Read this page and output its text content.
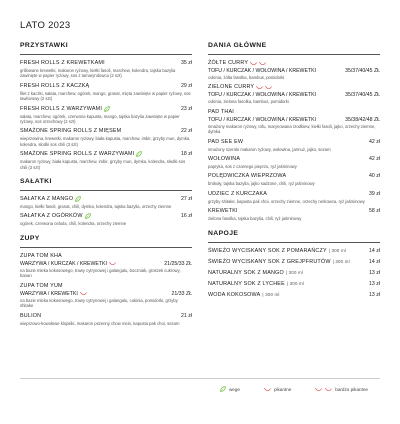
LATO 2023
PRZYSTAWKI
FRESH ROLLS Z KREWETKAMI	35 zł
grillowane krewetki, makaron ryżowy, kiełki fasoli, marchew, kolendra, tajska bazylia zawinięte w papier ryżowy, sos z tamaryndowca (2 szt)
FRESH ROLLS Z KACZKĄ	29 zł
filet z kaczki, sałata, marchew, ogórek, mango, granat, mięta zawinięte w papier ryżowy, sos tawlovowy (2 szt)
FRESH ROLLS Z WARZYWAMI	23 zł
sałata, marchew, ogórek, czerwona kapusta, mango, tajska bazylia zawinięte w papier ryżowy, sos orzechowy (2 szt)
SMAŻONE SPRING ROLLS Z MIĘSEM	22 zł
wieprzowina, krewetki, makaron ryżowy, biała kapusta, marchew, imbir, grzyby mun, dymka, kolendra, słodki sos chili (3 szt)
SMAŻONE SPRING ROLLS Z WARZYWAMI	18 zł
makaron ryżowy, biała kapusta, marchew, imbir, grzyby mun, dymka, kolendra, słodki sos chili (3 szt)
SAŁATKI
SAŁATKA Z MANGO	27 zł
mango, kiełki fasoli, granat, chili, dymka, kolendra, tajska bazylia, orzechy ziemne
SAŁATKA Z OGÓRKÓW	16 zł
ogórek, czerwona cebula, chili, kolendra, orzechy ziemne
ZUPY
ZUPA TOM KHA
WARZYWA / KURCZAK / KREWETKI	21/25/33 ZŁ
na bazie mleka kokosowego, trawy cytrynowej i galangalu, boczniak, groszek cukrowy, banan
ZUPA TOM YUM
WARZYWA / KREWETKI	21/33 ZŁ
na bazie mleka kokosowego, trawy cytrynowej i galangalu, cukinia, pomidorki, grzyby shitake
BULION	21 zł
wieprzowo-kowołowe klopsiki, makaron pszenny chow mein, kapusta pak choi, sezam
DANIA GŁÓWNE
ŻÓŁTE CURRY
TOFU / KURCZAK / WOŁOWINA / KREWETKI	35/37/40/45 ZŁ
cukinia, żółta fasolka, bambus, pomidorki
ZIELONE CURRY
TOFU / KURCZAK / WOŁOWINA / KREWETKI	35/37/40/45 ZŁ
cukinia, zielona fasolka, bambus, pomidorki
PAD THAI
TOFU / KURCZAK / WOŁOWINA / KREWETKI	35/38/42/48 ZŁ
smażony makaron ryżowy, tofu, marynowana rzodkiew, kiełki fasoli, jajko, orzechy ziemne, dymka
PAD SEE EW	42 zł
smażony szeroki makaron ryżowy, wołowina, jarmuż, jajko, sezam
WOŁOWINA	42 zł
papryka, sos z czarnego pieprzu, ryż jaśminowy
POLĘDWICZKA WIEPRZOWA	40 zł
brokuły, tajska bazylia, jajko sadzone, chili, ryż jaśminowy
UDZIEC Z KURCZAKA	39 zł
grzyby shitake, kapusta pak choi, orzechy ziemne, orzechy nerkowca, ryż jaśminowy
KREWETKI	58 zł
zielona fasolka, tajska bazylia, chili, ryż jaśminowy
NAPOJE
ŚWIEŻO WYCISKANY SOK Z POMARAŃCZY | 300 ml	14 zł
ŚWIEŻO WYCISKANY SOK Z GREJPFRUTÓW | 300 ml	14 zł
NATURALNY SOK Z MANGO | 300 ml	13 zł
NATURALNY SOK Z LYCHEE | 300 ml	13 zł
WODA KOKOSOWA | 300 ml	13 zł
wege	pikantne	bardzo pikantne
